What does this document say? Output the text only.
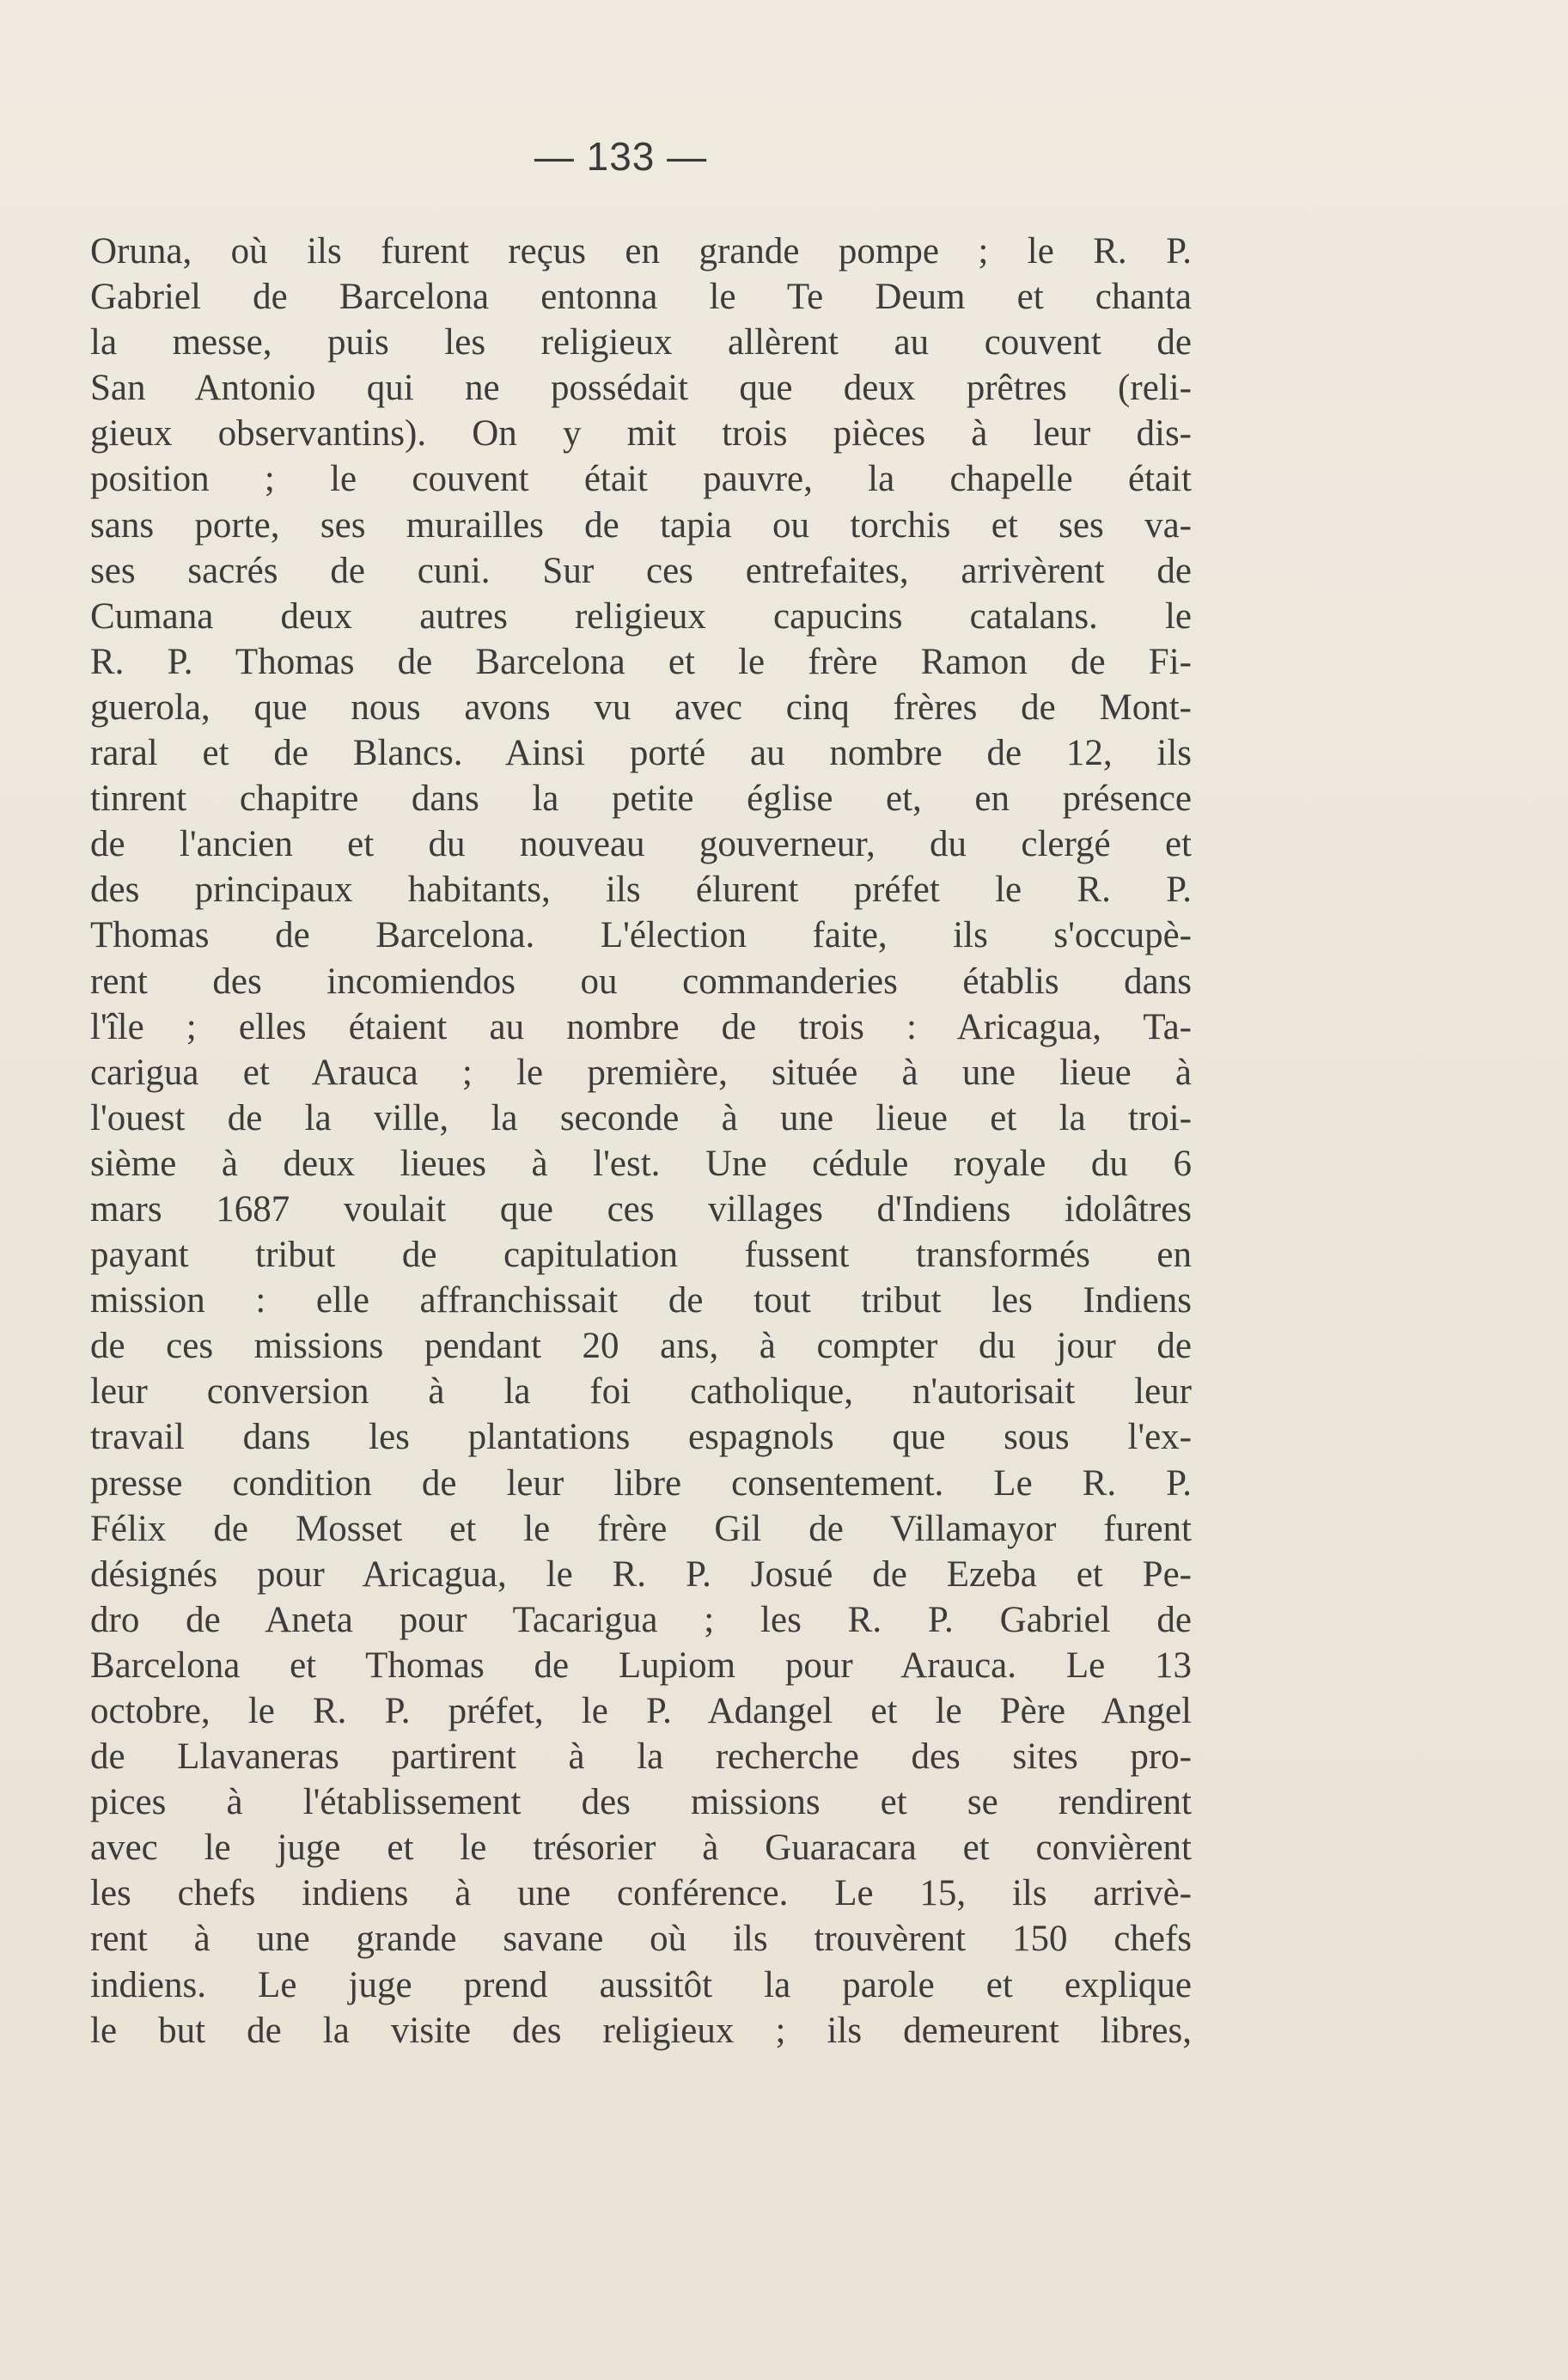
— 133 —
Oruna, où ils furent reçus en grande pompe ; le R. P.
Gabriel de Barcelona entonna le Te Deum et chanta
la messe, puis les religieux allèrent au couvent de
San Antonio qui ne possédait que deux prêtres (reli-
gieux observantins). On y mit trois pièces à leur dis-
position ; le couvent était pauvre, la chapelle était
sans porte, ses murailles de tapia ou torchis et ses va-
ses sacrés de cuni. Sur ces entrefaites, arrivèrent de
Cumana deux autres religieux capucins catalans. le
R. P. Thomas de Barcelona et le frère Ramon de Fi-
guerola, que nous avons vu avec cinq frères de Mont-
raral et de Blancs. Ainsi porté au nombre de 12, ils
tinrent chapitre dans la petite église et, en présence
de l'ancien et du nouveau gouverneur, du clergé et
des principaux habitants, ils élurent préfet le R. P.
Thomas de Barcelona. L'élection faite, ils s'occupè-
rent des incomiendos ou commanderies établis dans
l'île ; elles étaient au nombre de trois : Aricagua, Ta-
carigua et Arauca ; le première, située à une lieue à
l'ouest de la ville, la seconde à une lieue et la troi-
sième à deux lieues à l'est. Une cédule royale du 6
mars 1687 voulait que ces villages d'Indiens idolâtres
payant tribut de capitulation fussent transformés en
mission : elle affranchissait de tout tribut les Indiens
de ces missions pendant 20 ans, à compter du jour de
leur conversion à la foi catholique, n'autorisait leur
travail dans les plantations espagnols que sous l'ex-
presse condition de leur libre consentement. Le R. P.
Félix de Mosset et le frère Gil de Villamayor furent
désignés pour Aricagua, le R. P. Josué de Ezeba et Pe-
dro de Aneta pour Tacarigua ; les R. P. Gabriel de
Barcelona et Thomas de Lupiom pour Arauca. Le 13
octobre, le R. P. préfet, le P. Adangel et le Père Angel
de Llavaneras partirent à la recherche des sites pro-
pices à l'établissement des missions et se rendirent
avec le juge et le trésorier à Guaracara et convièrent
les chefs indiens à une conférence. Le 15, ils arrivè-
rent à une grande savane où ils trouvèrent 150 chefs
indiens. Le juge prend aussitôt la parole et explique
le but de la visite des religieux ; ils demeurent libres,
